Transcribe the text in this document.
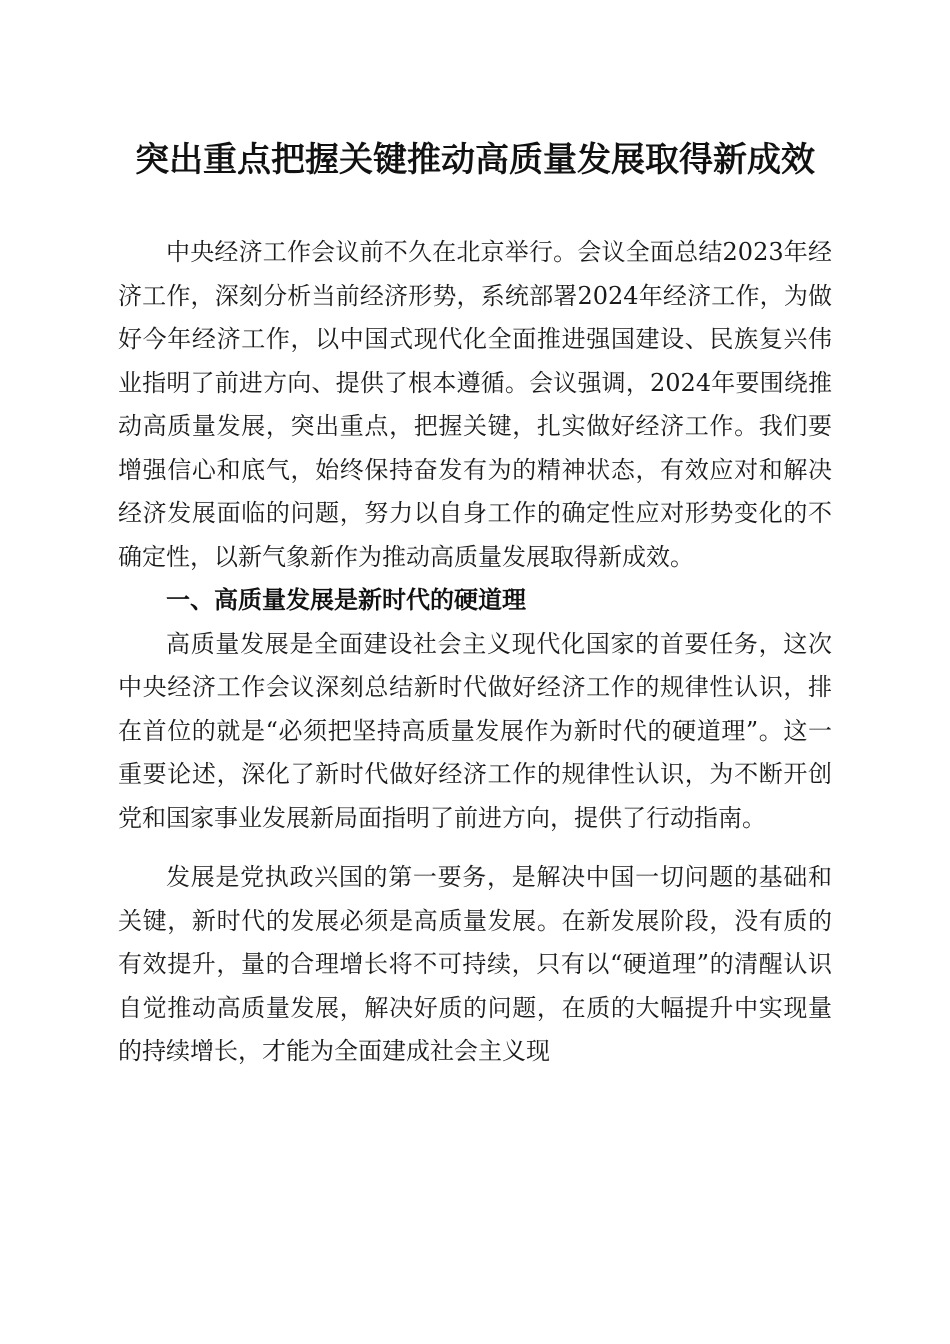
突出重点把握关键推动高质量发展取得新成效

中央经济工作会议前不久在北京举行。会议全面总结2023年经济工作，深刻分析当前经济形势，系统部署2024年经济工作，为做好今年经济工作，以中国式现代化全面推进强国建设、民族复兴伟业指明了前进方向、提供了根本遵循。会议强调，2024年要围绕推动高质量发展，突出重点，把握关键，扎实做好经济工作。我们要增强信心和底气，始终保持奋发有为的精神状态，有效应对和解决经济发展面临的问题，努力以自身工作的确定性应对形势变化的不确定性，以新气象新作为推动高质量发展取得新成效。

一、高质量发展是新时代的硬道理

高质量发展是全面建设社会主义现代化国家的首要任务，这次中央经济工作会议深刻总结新时代做好经济工作的规律性认识，排在首位的就是“必须把坚持高质量发展作为新时代的硬道理”。这一重要论述，深化了新时代做好经济工作的规律性认识，为不断开创党和国家事业发展新局面指明了前进方向，提供了行动指南。

发展是党执政兴国的第一要务，是解决中国一切问题的基础和关键，新时代的发展必须是高质量发展。在新发展阶段，没有质的有效提升，量的合理增长将不可持续，只有以“硬道理”的清醒认识自觉推动高质量发展，解决好质的问题，在质的大幅提升中实现量的持续增长，才能为全面建成社会主义现
